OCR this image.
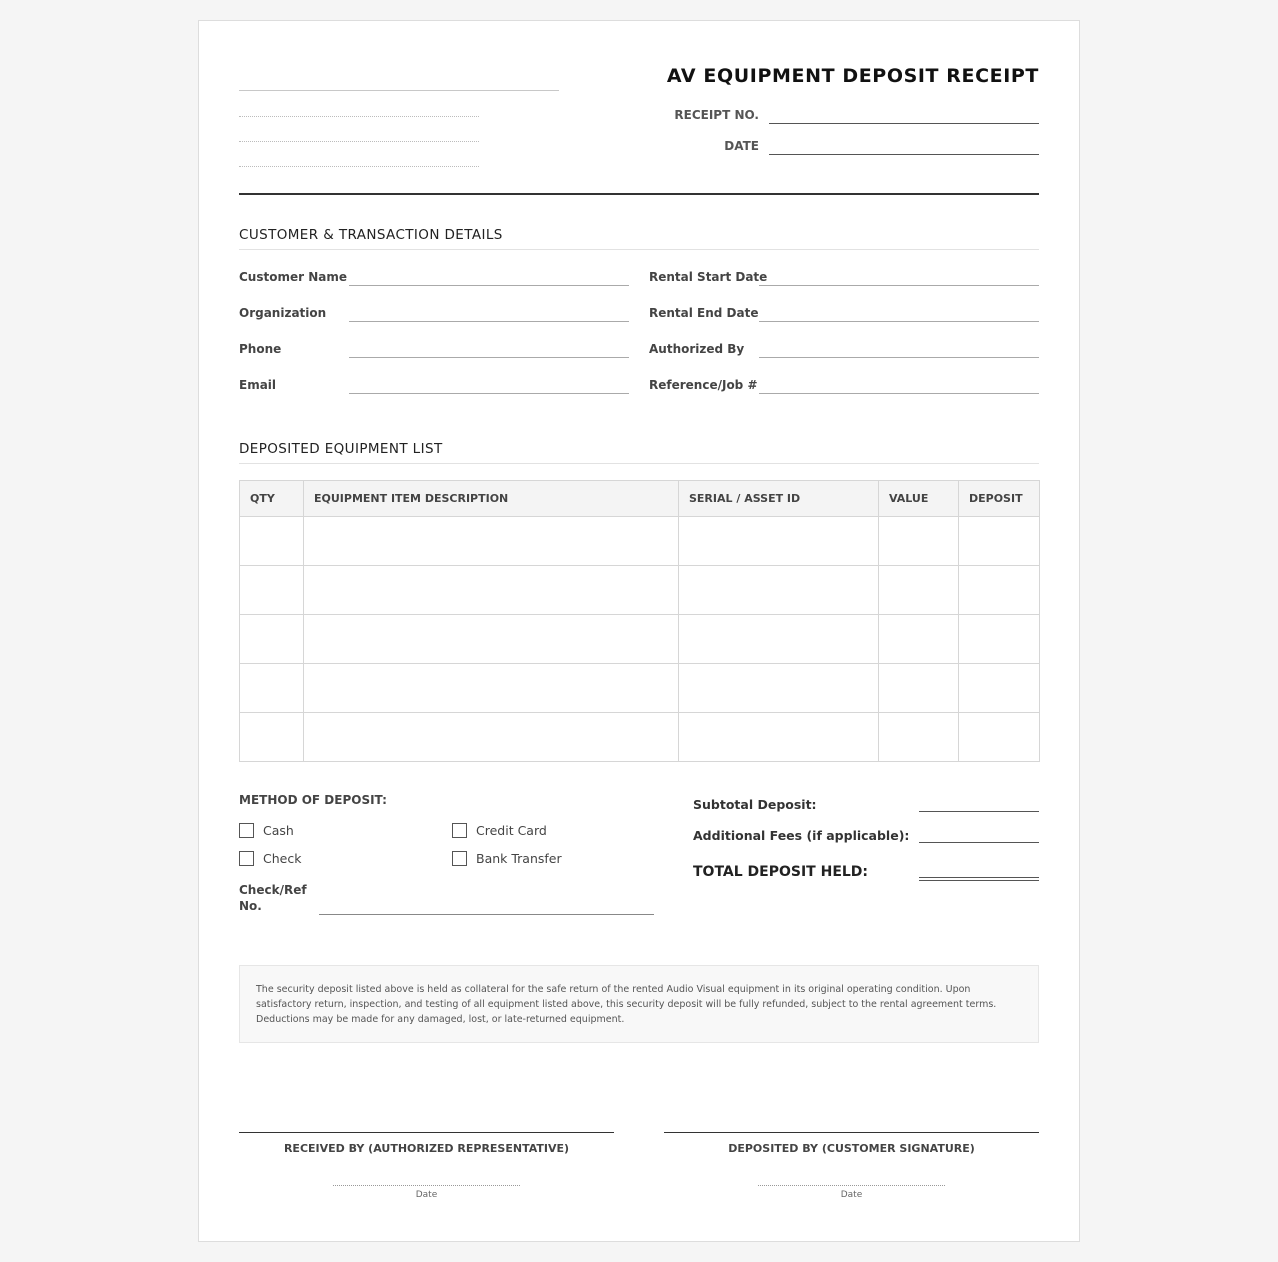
AV EQUIPMENT DEPOSIT RECEIPT
RECEIPT NO.
DATE
CUSTOMER & TRANSACTION DETAILS
Customer Name
Organization
Phone
Email
Rental Start Date
Rental End Date
Authorized By
Reference/Job #
DEPOSITED EQUIPMENT LIST
QTY	EQUIPMENT ITEM DESCRIPTION	SERIAL / ASSET ID	VALUE	DEPOSIT

METHOD OF DEPOSIT:
Cash	Credit Card
Check	Bank Transfer
Check/Ref No.
Subtotal Deposit:
Additional Fees (if applicable):
TOTAL DEPOSIT HELD:
The security deposit listed above is held as collateral for the safe return of the rented Audio Visual equipment in its original operating condition. Upon satisfactory return, inspection, and testing of all equipment listed above, this security deposit will be fully refunded, subject to the rental agreement terms. Deductions may be made for any damaged, lost, or late-returned equipment.
RECEIVED BY (AUTHORIZED REPRESENTATIVE)
Date
DEPOSITED BY (CUSTOMER SIGNATURE)
Date
